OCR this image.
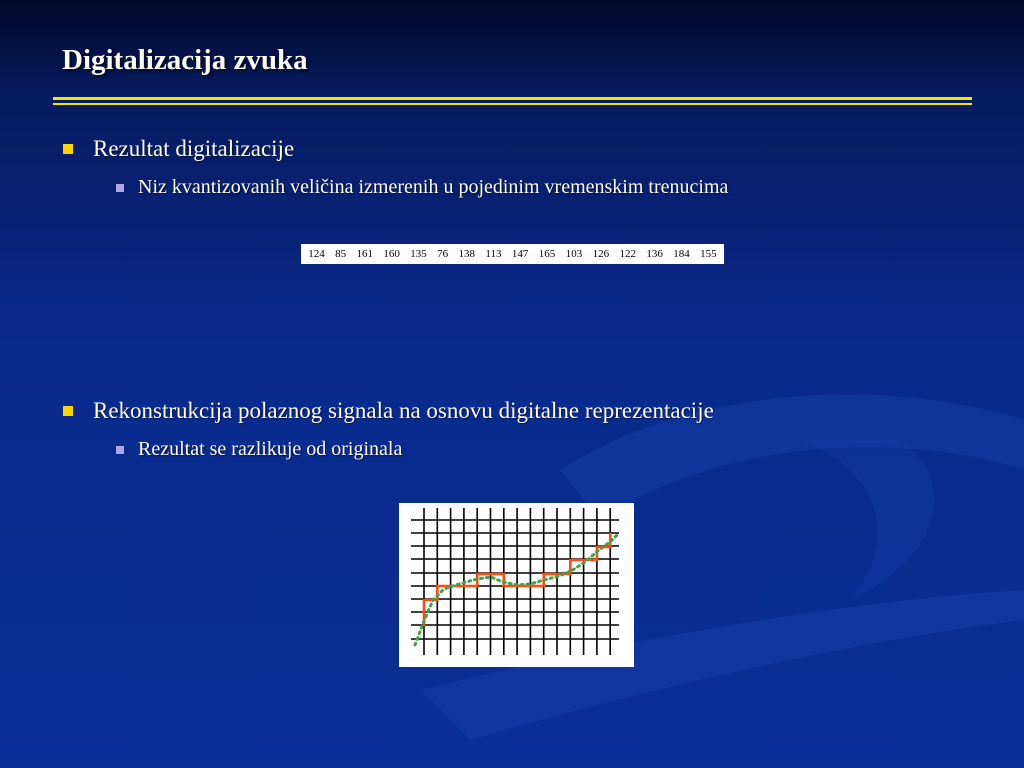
Digitalizacija zvuka
Rezultat digitalizacije
Niz kvantizovanih veličina izmerenih u pojedinim vremenskim trenucima
124 85 161 160 135 76 138 113 147 165 103 126 122 136 184 155
Rekonstrukcija polaznog signala na osnovu digitalne reprezentacije
Rezultat se razlikuje od originala
